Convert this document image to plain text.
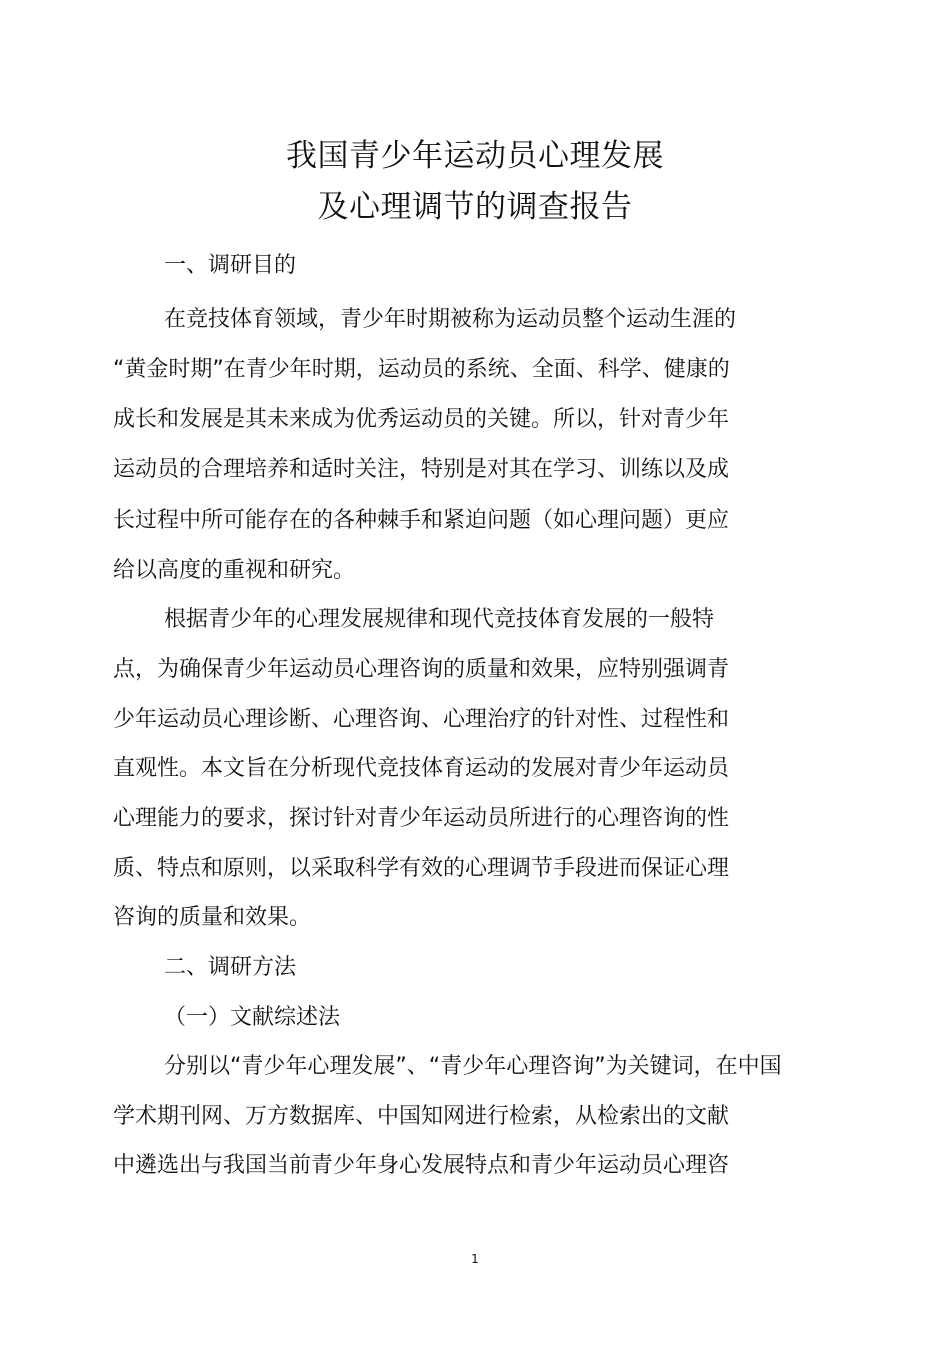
我国青少年运动员心理发展
及心理调节的调查报告
一、调研目的
在竞技体育领域，青少年时期被称为运动员整个运动生涯的
“黄金时期”在青少年时期，运动员的系统、全面、科学、健康的
成长和发展是其未来成为优秀运动员的关键。所以，针对青少年
运动员的合理培养和适时关注，特别是对其在学习、训练以及成
长过程中所可能存在的各种棘手和紧迫问题（如心理问题）更应
给以高度的重视和研究。
根据青少年的心理发展规律和现代竞技体育发展的一般特
点，为确保青少年运动员心理咨询的质量和效果，应特别强调青
少年运动员心理诊断、心理咨询、心理治疗的针对性、过程性和
直观性。本文旨在分析现代竞技体育运动的发展对青少年运动员
心理能力的要求，探讨针对青少年运动员所进行的心理咨询的性
质、特点和原则，以采取科学有效的心理调节手段进而保证心理
咨询的质量和效果。
二、调研方法
（一）文献综述法
分别以“青少年心理发展”、“青少年心理咨询”为关键词，在中国
学术期刊网、万方数据库、中国知网进行检索，从检索出的文献
中遴选出与我国当前青少年身心发展特点和青少年运动员心理咨
1
